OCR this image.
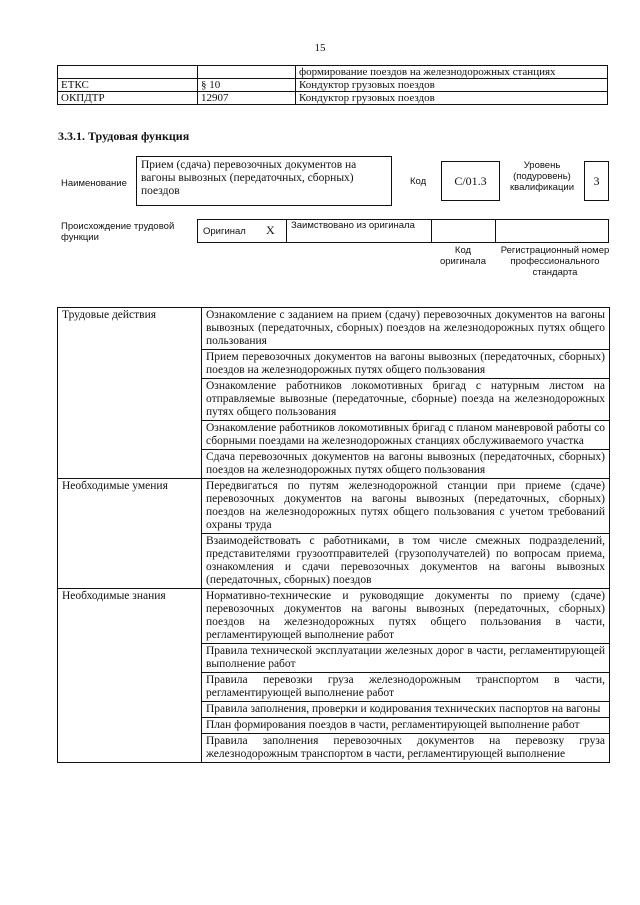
15
		формирование поездов на железнодорожных станциях
ЕТКС	§ 10	Кондуктор грузовых поездов
ОКПДТР	12907	Кондуктор грузовых поездов
3.3.1. Трудовая функция
Наименование
Прием (сдача) перевозочных документов на вагоны вывозных (передаточных, сборных) поездов
Код	С/01.3
Уровень (подуровень) квалификации	3
Происхождение трудовой функции
Оригинал X Заимствовано из оригинала
Код оригинала
Регистрационный номер профессионального стандарта
Трудовые действия	Ознакомление с заданием на прием (сдачу) перевозочных документов на вагоны вывозных (передаточных, сборных) поездов на железнодорожных путях общего пользования
	Прием перевозочных документов на вагоны вывозных (передаточных, сборных) поездов на железнодорожных путях общего пользования
	Ознакомление работников локомотивных бригад с натурным листом на отправляемые вывозные (передаточные, сборные) поезда на железнодорожных путях общего пользования
	Ознакомление работников локомотивных бригад с планом маневровой работы со сборными поездами на железнодорожных станциях обслуживаемого участка
	Сдача перевозочных документов на вагоны вывозных (передаточных, сборных) поездов на железнодорожных путях общего пользования
Необходимые умения	Передвигаться по путям железнодорожной станции при приеме (сдаче) перевозочных документов на вагоны вывозных (передаточных, сборных) поездов на железнодорожных путях общего пользования с учетом требований охраны труда
	Взаимодействовать с работниками, в том числе смежных подразделений, представителями грузоотправителей (грузополучателей) по вопросам приема, ознакомления и сдачи перевозочных документов на вагоны вывозных (передаточных, сборных) поездов
Необходимые знания	Нормативно-технические и руководящие документы по приему (сдаче) перевозочных документов на вагоны вывозных (передаточных, сборных) поездов на железнодорожных путях общего пользования в части, регламентирующей выполнение работ
	Правила технической эксплуатации железных дорог в части, регламентирующей выполнение работ
	Правила перевозки груза железнодорожным транспортом в части, регламентирующей выполнение работ
	Правила заполнения, проверки и кодирования технических паспортов на вагоны
	План формирования поездов в части, регламентирующей выполнение работ
	Правила заполнения перевозочных документов на перевозку груза железнодорожным транспортом в части, регламентирующей выполнение
